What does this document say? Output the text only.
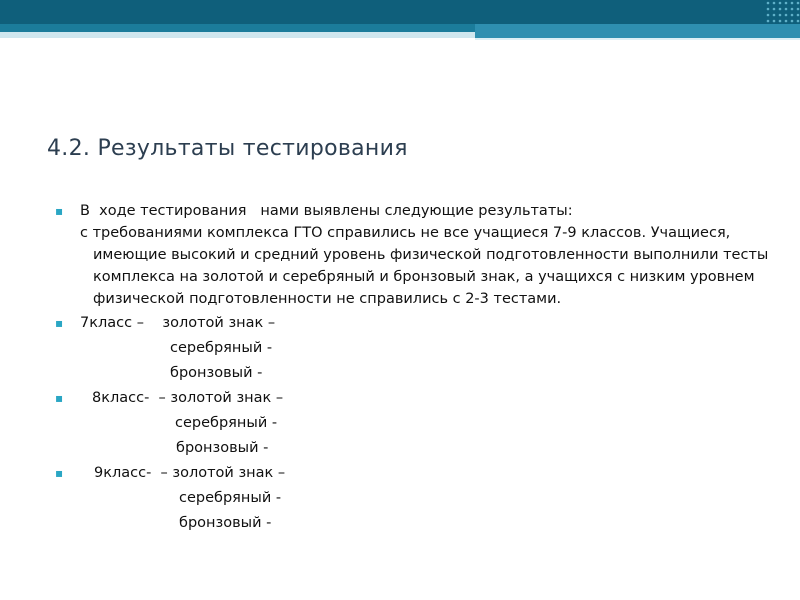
4.2. Результаты тестирования

▪

В  ходе тестирования   нами выявлены следующие результаты:

с требованиями комплекса ГТО справились не все учащиеся 7-9 классов. Учащиеся, имеющие высокий и средний уровень физической подготовленности выполнили тесты комплекса на золотой и серебряный и бронзовый знак, а учащихся с низким уровнем физической подготовленности не справились с 2-3 тестами.

▪

7класс –    золотой знак –

серебряный -

бронзовый -

▪

8класс-  – золотой знак –

серебряный -

бронзовый -

▪

9класс-  – золотой знак –

серебряный -

бронзовый -
